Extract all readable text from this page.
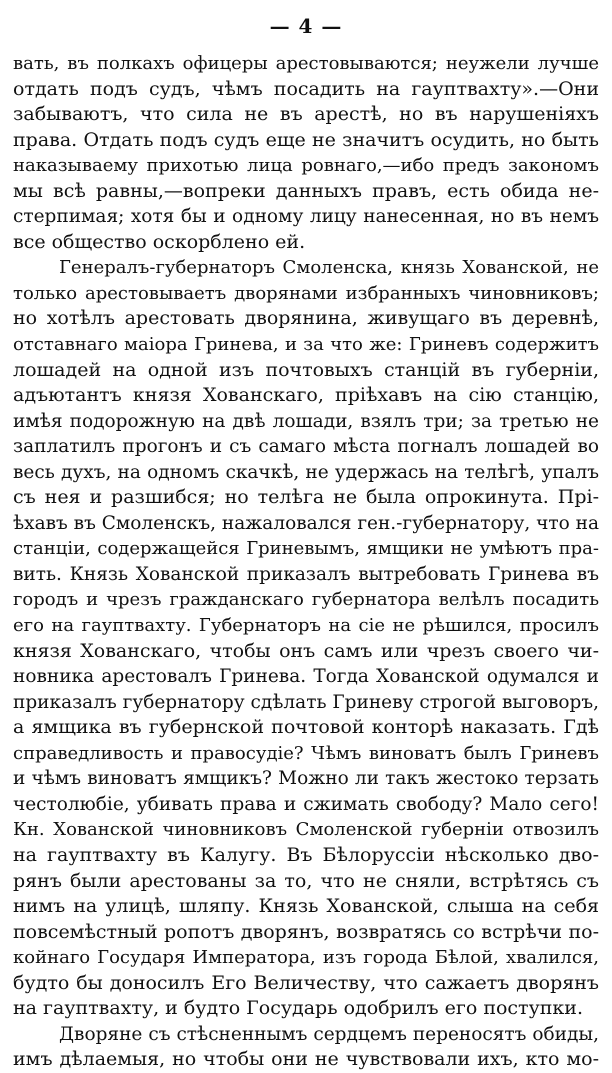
— 4 —
вать, въ полкахъ офицеры арестовываются; неужели лучше
отдать подъ судъ, чѣмъ посадить на гауптвахту».—Они
забываютъ, что сила не въ арестѣ, но въ нарушеніяхъ
права. Отдать подъ судъ еще не значитъ осудить, но быть
наказываему прихотью лица ровнаго,—ибо предъ закономъ
мы всѣ равны,—вопреки данныхъ правъ, есть обида не-
стерпимая; хотя бы и одному лицу нанесенная, но въ немъ
все общество оскорблено ей.
Генералъ-губернаторъ Смоленска, князь Хованской, не
только арестовываетъ дворянами избранныхъ чиновниковъ;
но хотѣлъ арестовать дворянина, живущаго въ деревнѣ,
отставнаго маіора Гринева, и за что же: Гриневъ содержитъ
лошадей на одной изъ почтовыхъ станцій въ губерніи,
адъютантъ князя Хованскаго, пріѣхавъ на сію станцію,
имѣя подорожную на двѣ лошади, взялъ три; за третью не
заплатилъ прогонъ и съ самаго мѣста погналъ лошадей во
весь духъ, на одномъ скачкѣ, не удержась на телѣгѣ, упалъ
съ нея и разшибся; но телѣга не была опрокинута. Прі-
ѣхавъ въ Смоленскъ, нажаловался ген.-губернатору, что на
станціи, содержащейся Гриневымъ, ямщики не умѣютъ пра-
вить. Князь Хованской приказалъ вытребовать Гринева въ
городъ и чрезъ гражданскаго губернатора велѣлъ посадить
его на гауптвахту. Губернаторъ на сіе не рѣшился, просилъ
князя Хованскаго, чтобы онъ самъ или чрезъ своего чи-
новника арестовалъ Гринева. Тогда Хованской одумался и
приказалъ губернатору сдѣлать Гриневу строгой выговоръ,
а ямщика въ губернской почтовой конторѣ наказать. Гдѣ
справедливость и правосудіе? Чѣмъ виноватъ былъ Гриневъ
и чѣмъ виноватъ ямщикъ? Можно ли такъ жестоко терзать
честолюбіе, убивать права и сжимать свободу? Мало сего!
Кн. Хованской чиновниковъ Смоленской губерніи отвозилъ
на гауптвахту въ Калугу. Въ Бѣлоруссіи нѣсколько дво-
рянъ были арестованы за то, что не сняли, встрѣтясь съ
нимъ на улицѣ, шляпу. Князь Хованской, слыша на себя
повсемѣстный ропотъ дворянъ, возвратясь со встрѣчи по-
койнаго Государя Императора, изъ города Бѣлой, хвалился,
будто бы доносилъ Его Величеству, что сажаетъ дворянъ
на гауптвахту, и будто Государь одобрилъ его поступки.
Дворяне съ стѣсненнымъ сердцемъ переносятъ обиды,
имъ дѣлаемыя, но чтобы они не чувствовали ихъ, кто мо-
